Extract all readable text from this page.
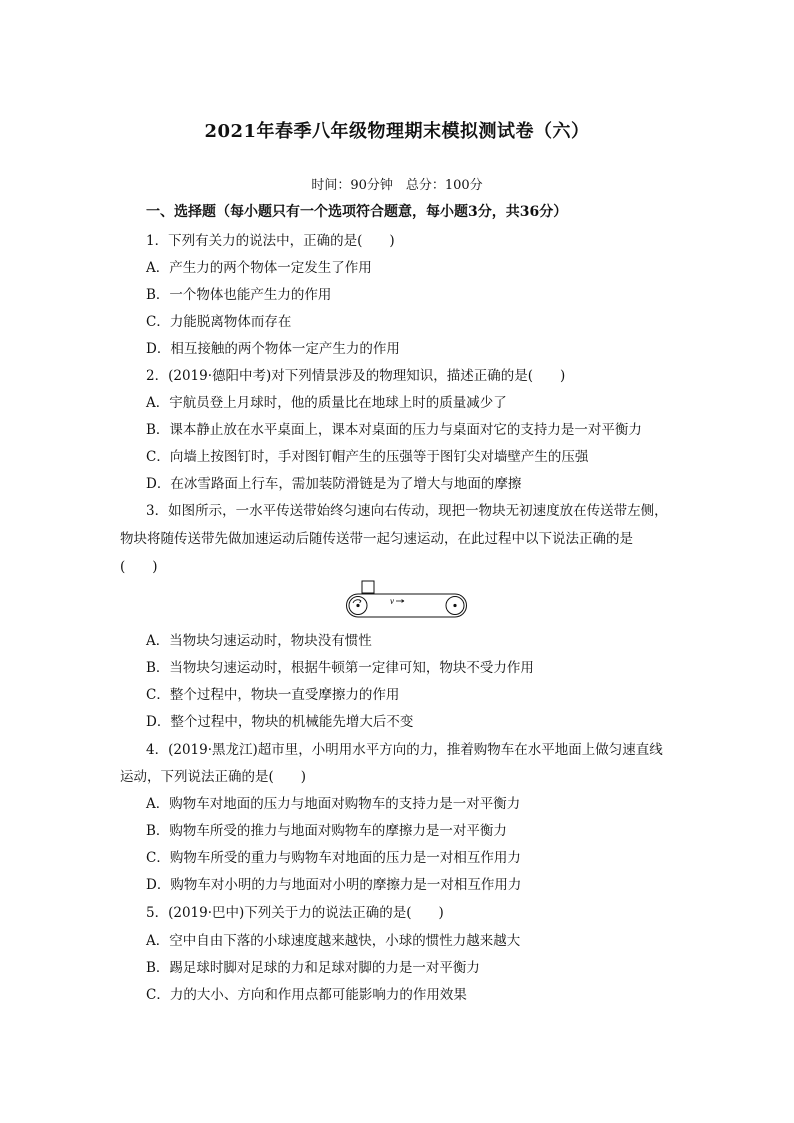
2021年春季八年级物理期末模拟测试卷（六）
时间：90分钟　总分：100分
一、选择题（每小题只有一个选项符合题意，每小题3分，共36分）
1．下列有关力的说法中，正确的是(　　)
A．产生力的两个物体一定发生了作用
B．一个物体也能产生力的作用
C．力能脱离物体而存在
D．相互接触的两个物体一定产生力的作用
2．(2019·德阳中考)对下列情景涉及的物理知识，描述正确的是(　　)
A．宇航员登上月球时，他的质量比在地球上时的质量减少了
B．课本静止放在水平桌面上，课本对桌面的压力与桌面对它的支持力是一对平衡力
C．向墙上按图钉时，手对图钉帽产生的压强等于图钉尖对墙壁产生的压强
D．在冰雪路面上行车，需加装防滑链是为了增大与地面的摩擦
3．如图所示，一水平传送带始终匀速向右传动，现把一物块无初速度放在传送带左侧，
物块将随传送带先做加速运动后随传送带一起匀速运动，在此过程中以下说法正确的是
(　　)
v
A．当物块匀速运动时，物块没有惯性
B．当物块匀速运动时，根据牛顿第一定律可知，物块不受力作用
C．整个过程中，物块一直受摩擦力的作用
D．整个过程中，物块的机械能先增大后不变
4．(2019·黑龙江)超市里，小明用水平方向的力，推着购物车在水平地面上做匀速直线
运动，下列说法正确的是(　　)
A．购物车对地面的压力与地面对购物车的支持力是一对平衡力
B．购物车所受的推力与地面对购物车的摩擦力是一对平衡力
C．购物车所受的重力与购物车对地面的压力是一对相互作用力
D．购物车对小明的力与地面对小明的摩擦力是一对相互作用力
5．(2019·巴中)下列关于力的说法正确的是(　　)
A．空中自由下落的小球速度越来越快，小球的惯性力越来越大
B．踢足球时脚对足球的力和足球对脚的力是一对平衡力
C．力的大小、方向和作用点都可能影响力的作用效果
